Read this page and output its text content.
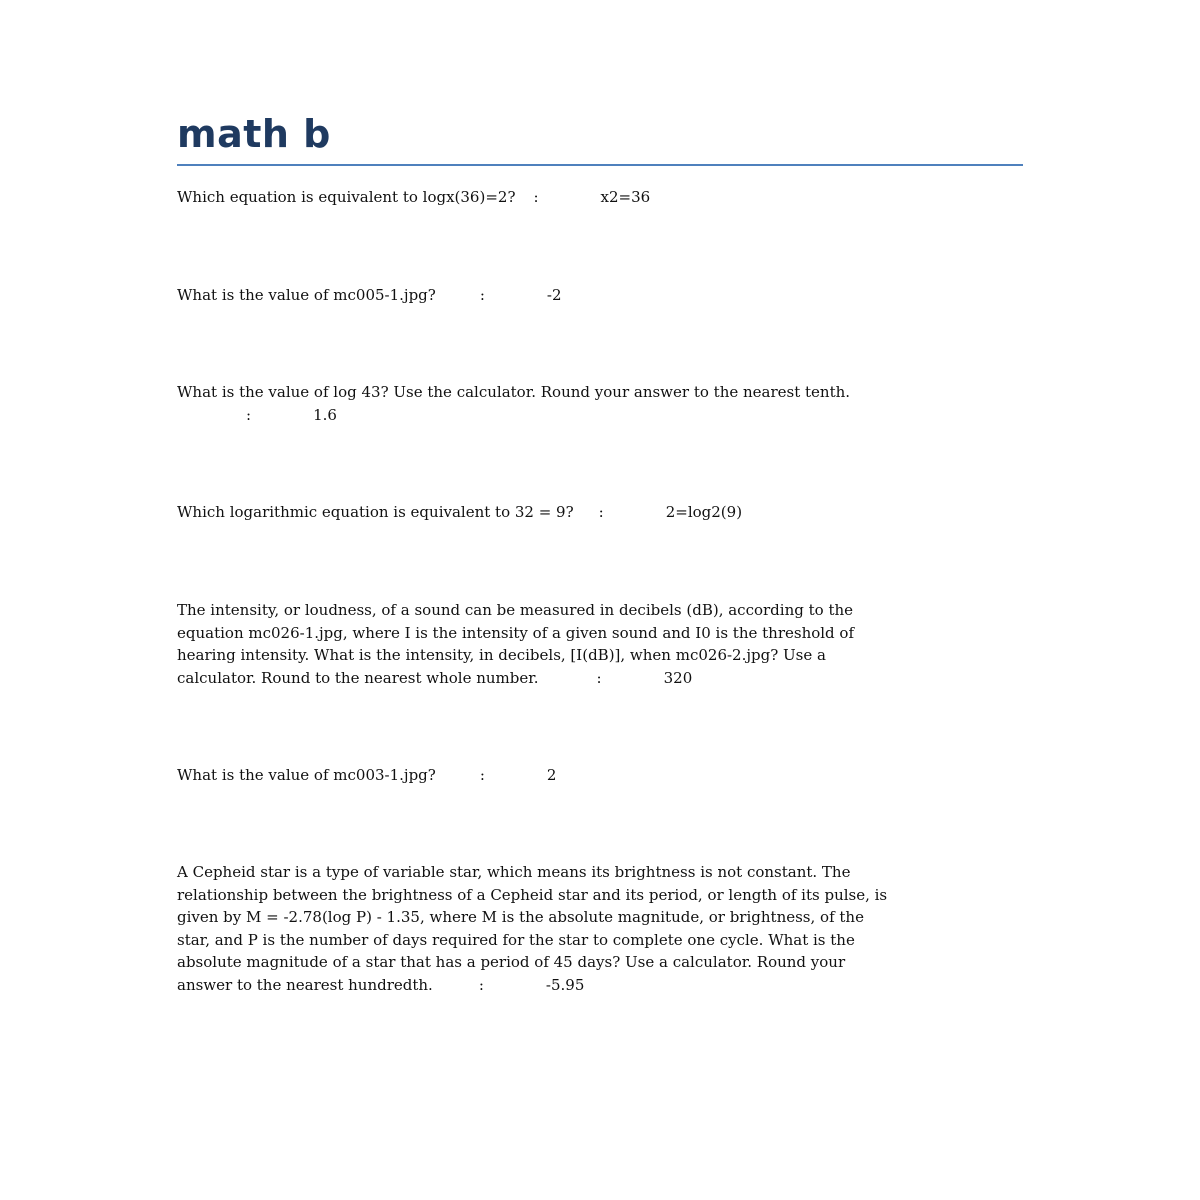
math b

Which equation is equivalent to logx(36)=2? :	x2=36

What is the value of mc005-1.jpg?	:	-2

What is the value of log 43? Use the calculator. Round your answer to the nearest tenth.
:	1.6

Which logarithmic equation is equivalent to 32 = 9? :	2=log2(9)

The intensity, or loudness, of a sound can be measured in decibels (dB), according to the
equation mc026-1.jpg, where I is the intensity of a given sound and I0 is the threshold of
hearing intensity. What is the intensity, in decibels, [I(dB)], when mc026-2.jpg? Use a
calculator. Round to the nearest whole number.	:	320

What is the value of mc003-1.jpg?	:	2

A Cepheid star is a type of variable star, which means its brightness is not constant. The
relationship between the brightness of a Cepheid star and its period, or length of its pulse, is
given by M = -2.78(log P) - 1.35, where M is the absolute magnitude, or brightness, of the
star, and P is the number of days required for the star to complete one cycle. What is the
absolute magnitude of a star that has a period of 45 days? Use a calculator. Round your
answer to the nearest hundredth.	:	-5.95
